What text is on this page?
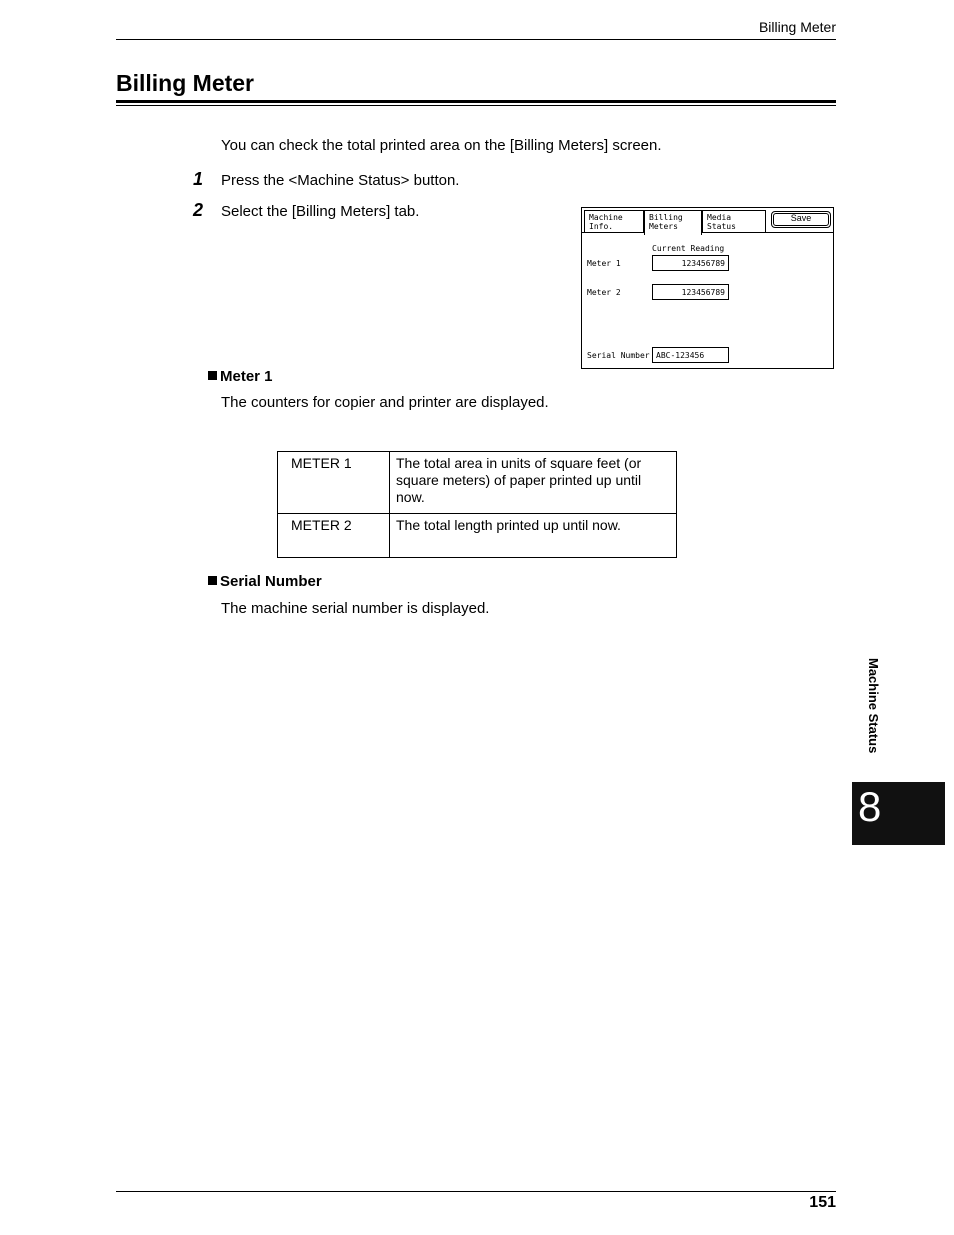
Billing Meter
Billing Meter
You can check the total printed area on the [Billing Meters] screen.
1 Press the <Machine Status> button.
2 Select the [Billing Meters] tab.	Machine
Info.
Billing
Meters
Media
Status
Save
Current Reading
Meter 1	123456789
Meter 2	123456789
Serial Number ABC-123456
Meter 1
The counters for copier and printer are displayed.
METER 1	The total area in units of square feet (or square meters) of paper printed up until now.
METER 2	The total length printed up until now.
Serial Number
The machine serial number is displayed.
Machine Status
8
151
